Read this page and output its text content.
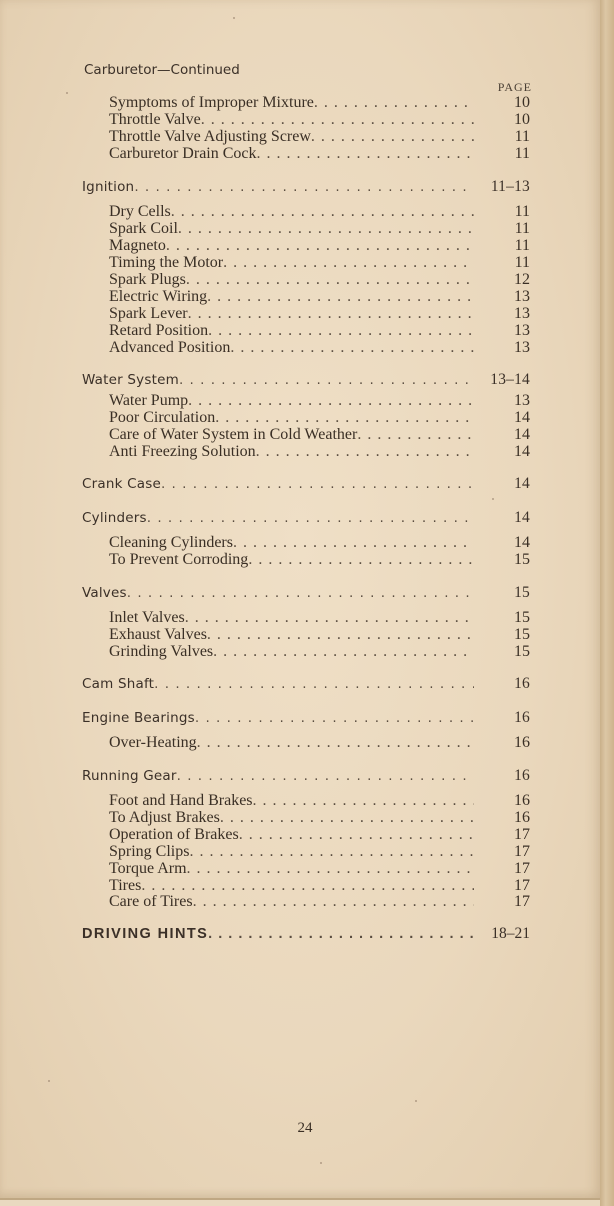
Carburetor—Continued
PAGE
Symptoms of Improper Mixture . . .	10
Throttle Valve . . .	10
Throttle Valve Adjusting Screw . . .	11
Carburetor Drain Cock . . .	11
Ignition . . .	11–13
Dry Cells . . .	11
Spark Coil . . .	11
Magneto . . .	11
Timing the Motor . . .	11
Spark Plugs . . .	12
Electric Wiring . . .	13
Spark Lever . . .	13
Retard Position . . .	13
Advanced Position . . .	13
Water System . . .	13–14
Water Pump . . .	13
Poor Circulation . . .	14
Care of Water System in Cold Weather . . .	14
Anti Freezing Solution . . .	14
Crank Case . . .	14
Cylinders . . .	14
Cleaning Cylinders . . .	14
To Prevent Corroding . . .	15
Valves . . .	15
Inlet Valves . . .	15
Exhaust Valves . . .	15
Grinding Valves . . .	15
Cam Shaft . . .	16
Engine Bearings . . .	16
Over-Heating . . .	16
Running Gear . . .	16
Foot and Hand Brakes . . .	16
To Adjust Brakes . . .	16
Operation of Brakes . . .	17
Spring Clips . . .	17
Torque Arm . . .	17
Tires . . .	17
Care of Tires . . .	17
DRIVING HINTS . . .	18–21
24
